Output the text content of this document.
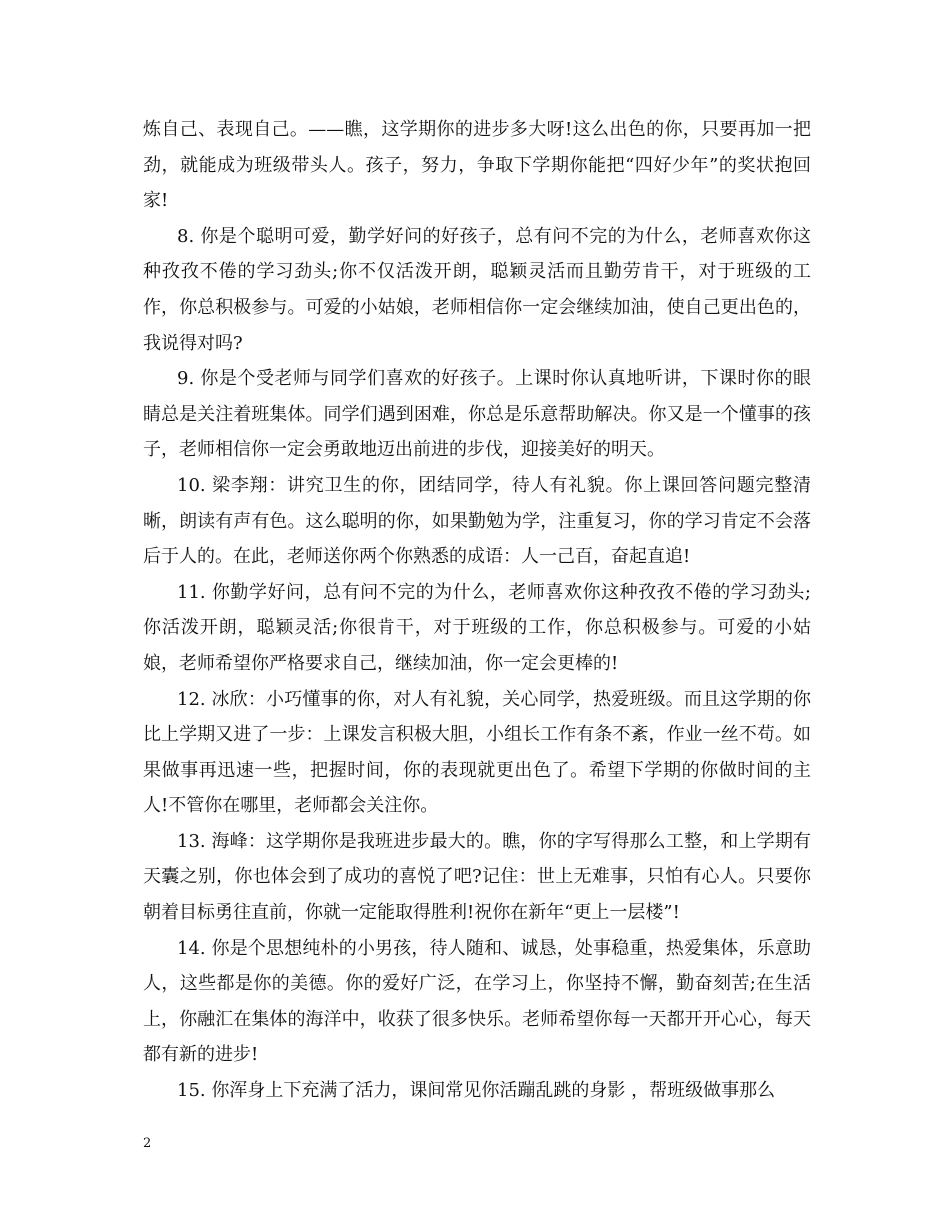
炼自己、表现自己。——瞧，这学期你的进步多大呀!这么出色的你，只要再加一把劲，就能成为班级带头人。孩子，努力，争取下学期你能把“四好少年”的奖状抱回家!

8. 你是个聪明可爱，勤学好问的好孩子，总有问不完的为什么，老师喜欢你这种孜孜不倦的学习劲头;你不仅活泼开朗，聪颖灵活而且勤劳肯干，对于班级的工作，你总积极参与。可爱的小姑娘，老师相信你一定会继续加油，使自己更出色的，我说得对吗?

9. 你是个受老师与同学们喜欢的好孩子。上课时你认真地听讲，下课时你的眼睛总是关注着班集体。同学们遇到困难，你总是乐意帮助解决。你又是一个懂事的孩子，老师相信你一定会勇敢地迈出前进的步伐，迎接美好的明天。

10. 梁李翔：讲究卫生的你，团结同学，待人有礼貌。你上课回答问题完整清晰，朗读有声有色。这么聪明的你，如果勤勉为学，注重复习，你的学习肯定不会落后于人的。在此，老师送你两个你熟悉的成语：人一己百，奋起直追!

11. 你勤学好问，总有问不完的为什么，老师喜欢你这种孜孜不倦的学习劲头;你活泼开朗，聪颖灵活;你很肯干，对于班级的工作，你总积极参与。可爱的小姑娘，老师希望你严格要求自己，继续加油，你一定会更棒的!

12. 冰欣：小巧懂事的你，对人有礼貌，关心同学，热爱班级。而且这学期的你比上学期又进了一步：上课发言积极大胆，小组长工作有条不紊，作业一丝不苟。如果做事再迅速一些，把握时间，你的表现就更出色了。希望下学期的你做时间的主人!不管你在哪里，老师都会关注你。

13. 海峰：这学期你是我班进步最大的。瞧，你的字写得那么工整，和上学期有天囊之别，你也体会到了成功的喜悦了吧?记住：世上无难事，只怕有心人。只要你朝着目标勇往直前，你就一定能取得胜利!祝你在新年“更上一层楼”!

14. 你是个思想纯朴的小男孩，待人随和、诚恳，处事稳重，热爱集体，乐意助人，这些都是你的美德。你的爱好广泛，在学习上，你坚持不懈，勤奋刻苦;在生活上，你融汇在集体的海洋中，收获了很多快乐。老师希望你每一天都开开心心，每天都有新的进步!

15. 你浑身上下充满了活力，课间常见你活蹦乱跳的身影 ，帮班级做事那么

2
